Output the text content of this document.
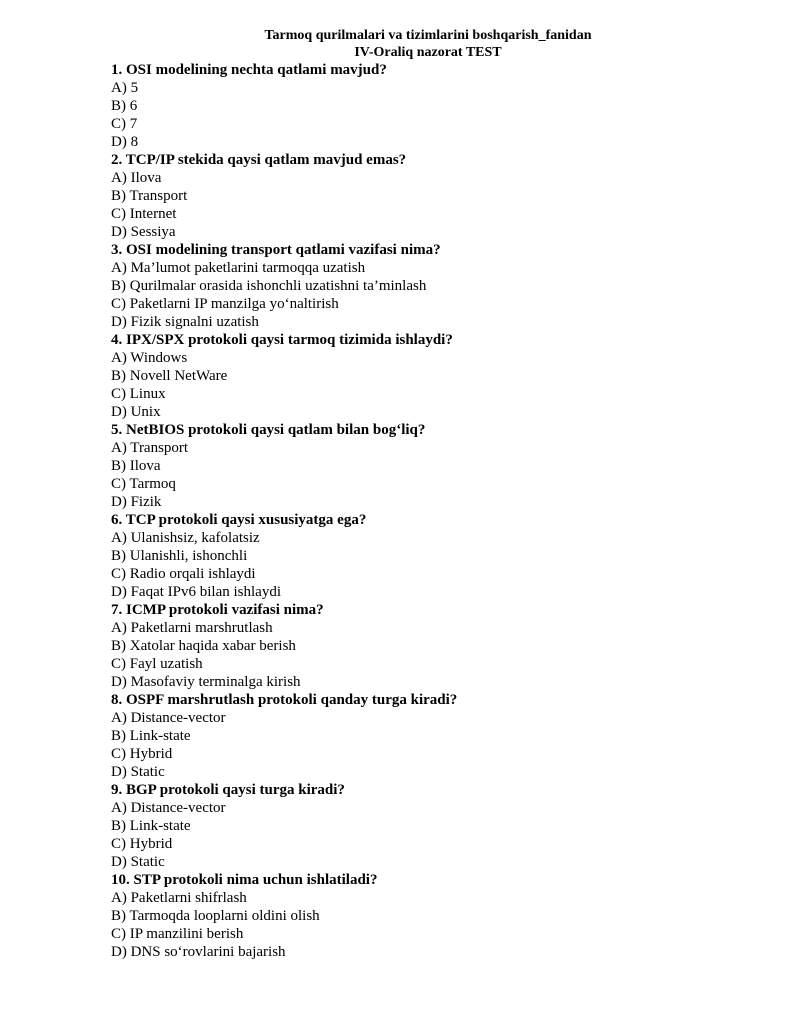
Tarmoq qurilmalari va tizimlarini boshqarish_fanidan
IV-Oraliq nazorat TEST
1. OSI modelining nechta qatlami mavjud?
A) 5
B) 6
C) 7
D) 8
2. TCP/IP stekida qaysi qatlam mavjud emas?
A) Ilova
B) Transport
C) Internet
D) Sessiya
3. OSI modelining transport qatlami vazifasi nima?
A) Ma’lumot paketlarini tarmoqqa uzatish
B) Qurilmalar orasida ishonchli uzatishni ta’minlash
C) Paketlarni IP manzilga yo‘naltirish
D) Fizik signalni uzatish
4. IPX/SPX protokoli qaysi tarmoq tizimida ishlaydi?
A) Windows
B) Novell NetWare
C) Linux
D) Unix
5. NetBIOS protokoli qaysi qatlam bilan bog‘liq?
A) Transport
B) Ilova
C) Tarmoq
D) Fizik
6. TCP protokoli qaysi xususiyatga ega?
A) Ulanishsiz, kafolatsiz
B) Ulanishli, ishonchli
C) Radio orqali ishlaydi
D) Faqat IPv6 bilan ishlaydi
7. ICMP protokoli vazifasi nima?
A) Paketlarni marshrutlash
B) Xatolar haqida xabar berish
C) Fayl uzatish
D) Masofaviy terminalga kirish
8. OSPF marshrutlash protokoli qanday turga kiradi?
A) Distance-vector
B) Link-state
C) Hybrid
D) Static
9. BGP protokoli qaysi turga kiradi?
A) Distance-vector
B) Link-state
C) Hybrid
D) Static
10. STP protokoli nima uchun ishlatiladi?
A) Paketlarni shifrlash
B) Tarmoqda looplarni oldini olish
C) IP manzilini berish
D) DNS so‘rovlarini bajarish
